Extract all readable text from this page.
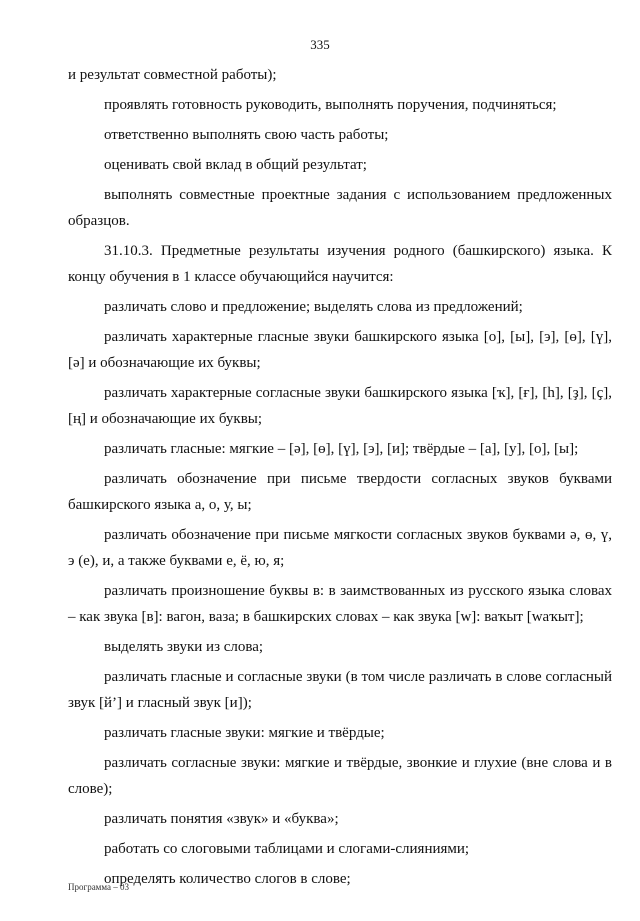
335

и результат совместной работы);

проявлять готовность руководить, выполнять поручения, подчиняться;

ответственно выполнять свою часть работы;

оценивать свой вклад в общий результат;

выполнять совместные проектные задания с использованием предложенных образцов.

31.10.3. Предметные результаты изучения родного (башкирского) языка. К концу обучения в 1 классе обучающийся научится:

различать слово и предложение; выделять слова из предложений;

различать характерные гласные звуки башкирского языка [о], [ы], [э], [ө], [ү], [ә] и обозначающие их буквы;

различать характерные согласные звуки башкирского языка [ҡ], [ғ], [һ], [ҙ], [ҫ], [ң] и обозначающие их буквы;

различать гласные: мягкие – [ә], [ө], [ү], [э], [и]; твёрдые – [а], [у], [о], [ы];

различать обозначение при письме твердости согласных звуков буквами башкирского языка а, о, у, ы;

различать обозначение при письме мягкости согласных звуков буквами ә, ө, ү, э (е), и, а также буквами е, ё, ю, я;

различать произношение буквы в: в заимствованных из русского языка словах – как звука [в]: вагон, ваза; в башкирских словах – как звука [w]: ваҡыт [waҡыт];

выделять звуки из слова;

различать гласные и согласные звуки (в том числе различать в слове согласный звук [й’] и гласный звук [и]);

различать гласные звуки: мягкие и твёрдые;

различать согласные звуки: мягкие и твёрдые, звонкие и глухие (вне слова и в слове);

различать понятия «звук» и «буква»;

работать со слоговыми таблицами и слогами-слияниями;

определять количество слогов в слове;

Программа – 03
